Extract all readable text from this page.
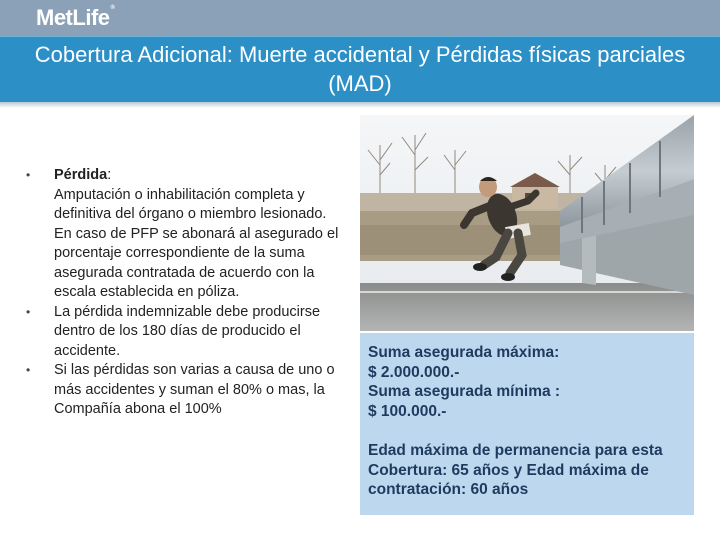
MetLife®
Cobertura Adicional: Muerte accidental y Pérdidas físicas parciales (MAD)
• Pérdida:
Amputación o inhabilitación completa y definitiva del órgano o miembro lesionado. En caso de PFP se abonará al asegurado el porcentaje correspondiente de la suma asegurada contratada de acuerdo con la escala establecida en póliza.
• La pérdida indemnizable debe producirse dentro de los 180 días de producido el accidente.
• Si las pérdidas son varias a causa de uno o más accidentes y suman el 80% o mas, la Compañía abona el 100%

Suma asegurada máxima:

$ 2.000.000.-

Suma asegurada mínima :

$ 100.000.-

Edad máxima de permanencia para esta Cobertura: 65 años y Edad máxima de contratación: 60 años
